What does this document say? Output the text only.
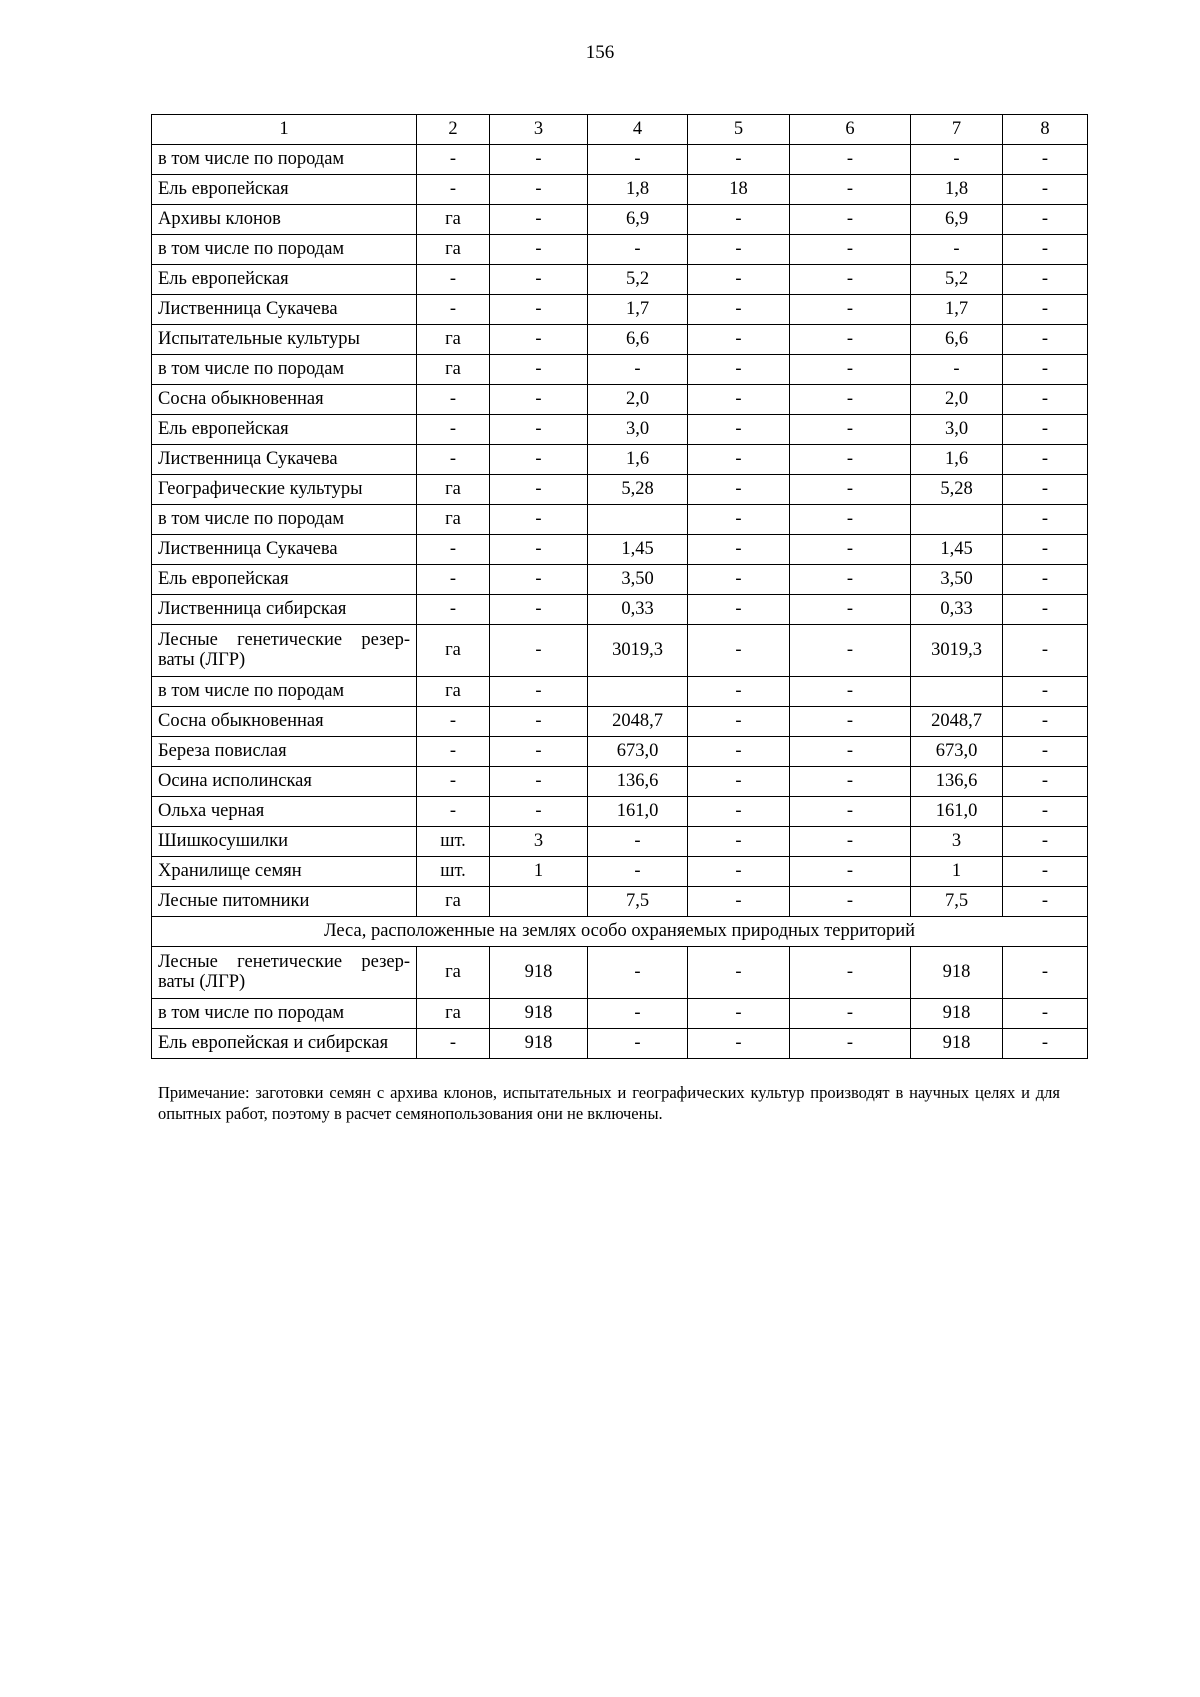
156
1	2	3	4	5	6	7	8
в том числе по породам	-	-	-	-	-	-	-
Ель европейская	-	-	1,8	18	-	1,8	-
Архивы клонов	га	-	6,9	-	-	6,9	-
в том числе по породам	га	-	-	-	-	-	-
Ель европейская	-	-	5,2	-	-	5,2	-
Лиственница Сукачева	-	-	1,7	-	-	1,7	-
Испытательные культуры	га	-	6,6	-	-	6,6	-
в том числе по породам	га	-	-	-	-	-	-
Сосна обыкновенная	-	-	2,0	-	-	2,0	-
Ель европейская	-	-	3,0	-	-	3,0	-
Лиственница Сукачева	-	-	1,6	-	-	1,6	-
Географические культуры	га	-	5,28	-	-	5,28	-
в том числе по породам	га	-		-	-		-
Лиственница Сукачева	-	-	1,45	-	-	1,45	-
Ель европейская	-	-	3,50	-	-	3,50	-
Лиственница сибирская	-	-	0,33	-	-	0,33	-
Лесные генетические резер-ваты (ЛГР)	га	-	3019,3	-	-	3019,3	-
в том числе по породам	га	-		-	-		-
Сосна обыкновенная	-	-	2048,7	-	-	2048,7	-
Береза повислая	-	-	673,0	-	-	673,0	-
Осина исполинская	-	-	136,6	-	-	136,6	-
Ольха черная	-	-	161,0	-	-	161,0	-
Шишкосушилки	шт.	3	-	-	-	3	-
Хранилище семян	шт.	1	-	-	-	1	-
Лесные питомники	га		7,5	-	-	7,5	-
Леса, расположенные на землях особо охраняемых природных территорий							
Лесные генетические резер-ваты (ЛГР)	га	918	-	-	-	918	-
в том числе по породам	га	918	-	-	-	918	-
Ель европейская и сибирская	-	918	-	-	-	918	-
Примечание: заготовки семян с архива клонов, испытательных и географических культур производят в научных целях и для опытных работ, поэтому в расчет семянопользования они не включены.
